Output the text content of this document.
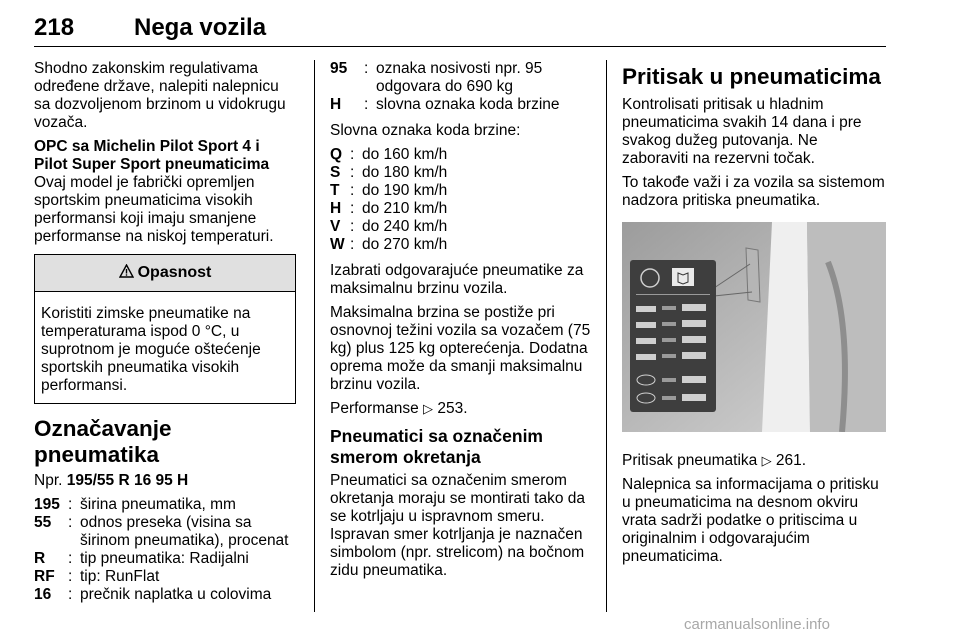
218 Nega vozila

Shodno zakonskim regulativama određene države, nalepiti nalepnicu sa dozvoljenom brzinom u vidokrugu vozača.

OPC sa Michelin Pilot Sport 4 i Pilot Super Sport pneumaticima

Ovaj model je fabrički opremljen sportskim pneumaticima visokih performansi koji imaju smanjene performanse na niskoj temperaturi.

Opasnost
Koristiti zimske pneumatike na temperaturama ispod 0 °C, u suprotnom je moguće oštećenje sportskih pneumatika visokih performansi.
Označavanje pneumatika

Npr. 195/55 R 16 95 H

195 : širina pneumatika, mm
55	: odnos preseka (visina sa širinom pneumatika), procenat
R	: tip pneumatika: Radijalni
RF : tip: RunFlat
16	: prečnik naplatka u colovima
95	: oznaka nosivosti npr. 95 odgovara do 690 kg
H	: slovna oznaka koda brzine

Slovna oznaka koda brzine:

Q : do 160 km/h
S : do 180 km/h
T : do 190 km/h
H : do 210 km/h
V : do 240 km/h
W : do 270 km/h

Izabrati odgovarajuće pneumatike za maksimalnu brzinu vozila.

Maksimalna brzina se postiže pri osnovnoj težini vozila sa vozačem (75 kg) plus 125 kg opterećenja. Dodatna oprema može da smanji maksimalnu brzinu vozila.

Performanse ▷ 253.

Pneumatici sa označenim smerom okretanja

Pneumatici sa označenim smerom okretanja moraju se montirati tako da se kotrljaju u ispravnom smeru. Ispravan smer kotrljanja je naznačen simbolom (npr. strelicom) na bočnom zidu pneumatika.

Pritisak u pneumaticima

Kontrolisati pritisak u hladnim pneumaticima svakih 14 dana i pre svakog dužeg putovanja. Ne zaboraviti na rezervni točak.

To takođe važi i za vozila sa sistemom nadzora pritiska pneumatika.

Pritisak pneumatika ▷ 261.

Nalepnica sa informacijama o pritisku u pneumaticima na desnom okviru vrata sadrži podatke o pritiscima u originalnim i odgovarajućim pneumaticima.

carmanualsonline.info
